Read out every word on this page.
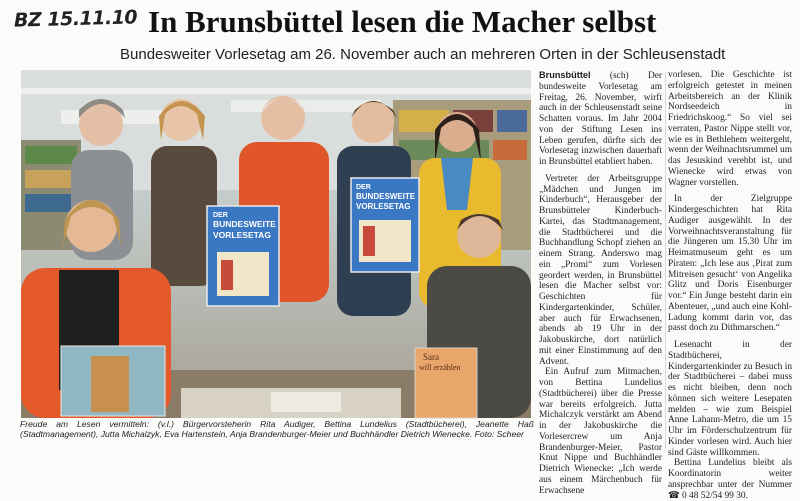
BZ 15.11.10 In Brunsbüttel lesen die Macher selbst
Bundesweiter Vorlesetag am 26. November auch an mehreren Orten in der Schleusenstadt
DER
BUNDESWEITE
VORLESETAG
DER
BUNDESWEITE
VORLESETAG
Sara
will erzählen
Freude am Lesen vermitteln: (v.l.) Bürgervorsteherin Rita Audiger, Bettina Lundelius (Stadtbücherei), Jeanette Haß (Stadtmanagement), Jutta Michalzyk, Eva Hartenstein, Anja Brandenburger-Meier und Buchhändler Dietrich Wienecke. Foto: Scheer

Brunsbüttel (sch) Der bundesweite Vorlesetag am Freitag, 26. November, wirft auch in der Schleusenstadt seine Schatten voraus. Im Jahr 2004 von der Stiftung Lesen ins Leben gerufen, dürfte sich der Vorlesetag inzwischen dauerhaft in Brunsbüttel etabliert haben.

Vertreter der Arbeitsgruppe „Mädchen und Jungen im Kinderbuch“, Herausgeber der Brunsbütteler Kinderbuch-Kartei, das Stadtmanagement, die Stadtbücherei und die Buchhandlung Schopf ziehen an einem Strang. Anderswo mag ein „Promi“ zum Vorlesen geordert werden, in Brunsbüttel lesen die Macher selbst vor: Geschichten für Kindergartenkinder, Schüler, aber auch für Erwachsenen, abends ab 19 Uhr in der Jakobuskirche, dort natürlich mit einer Einstimmung auf den Advent.

Ein Aufruf zum Mitmachen, von Bettina Lundelius (Stadtbücherei) über die Presse war bereits erfolgreich. Jutta Michalczyk verstärkt am Abend in der Jakobuskirche die Vorlesercrew um Anja Brandenburger-Meier, Pastor Knut Nippe und Buchhändler Dietrich Wienecke: „Ich werde aus einem Märchenbuch für Erwachsene

vorlesen. Die Geschichte ist erfolgreich getestet in meinen Arbeitsbereich an der Klinik Nordseedeich in Friedrichskoog.“ So viel sei verraten, Pastor Nippe stellt vor, wie es in Bethlehem weitergeht, wenn der Weihnachtsrummel um das Jesuskind verebbt ist, und Wienecke wird etwas von Wagner vorstellen.

In der Zielgruppe Kindergeschichten hat Rita Audiger ausgewählt. In der Vorweihnachtsveranstaltung für die Jüngeren um 15.30 Uhr im Heimatmuseum geht es um Piraten: „Ich lese aus ‚Pirat zum Mitreisen gesucht‘ von Angelika Glitz und Doris Eisenburger vor.“ Ein Junge besteht darin ein Abenteuer, „und auch eine Kohl-Ladung kommt darin vor, das passt doch zu Dithmarschen.“

Lesenacht in der Stadtbücherei, Kindergartenkinder zu Besuch in der Stadtbücherei – dabei muss es nicht bleiben, denn noch können sich weitere Lesepaten melden – wie zum Beispiel Anne Lahann-Metro, die um 15 Uhr im Förderschulzentrum für Kinder vorlesen wird. Auch hier sind Gäste willkommen.

Bettina Lundelius bleibt als Koordinatorin weiter ansprechbar unter der Nummer ☎ 0 48 52/54 99 30.
